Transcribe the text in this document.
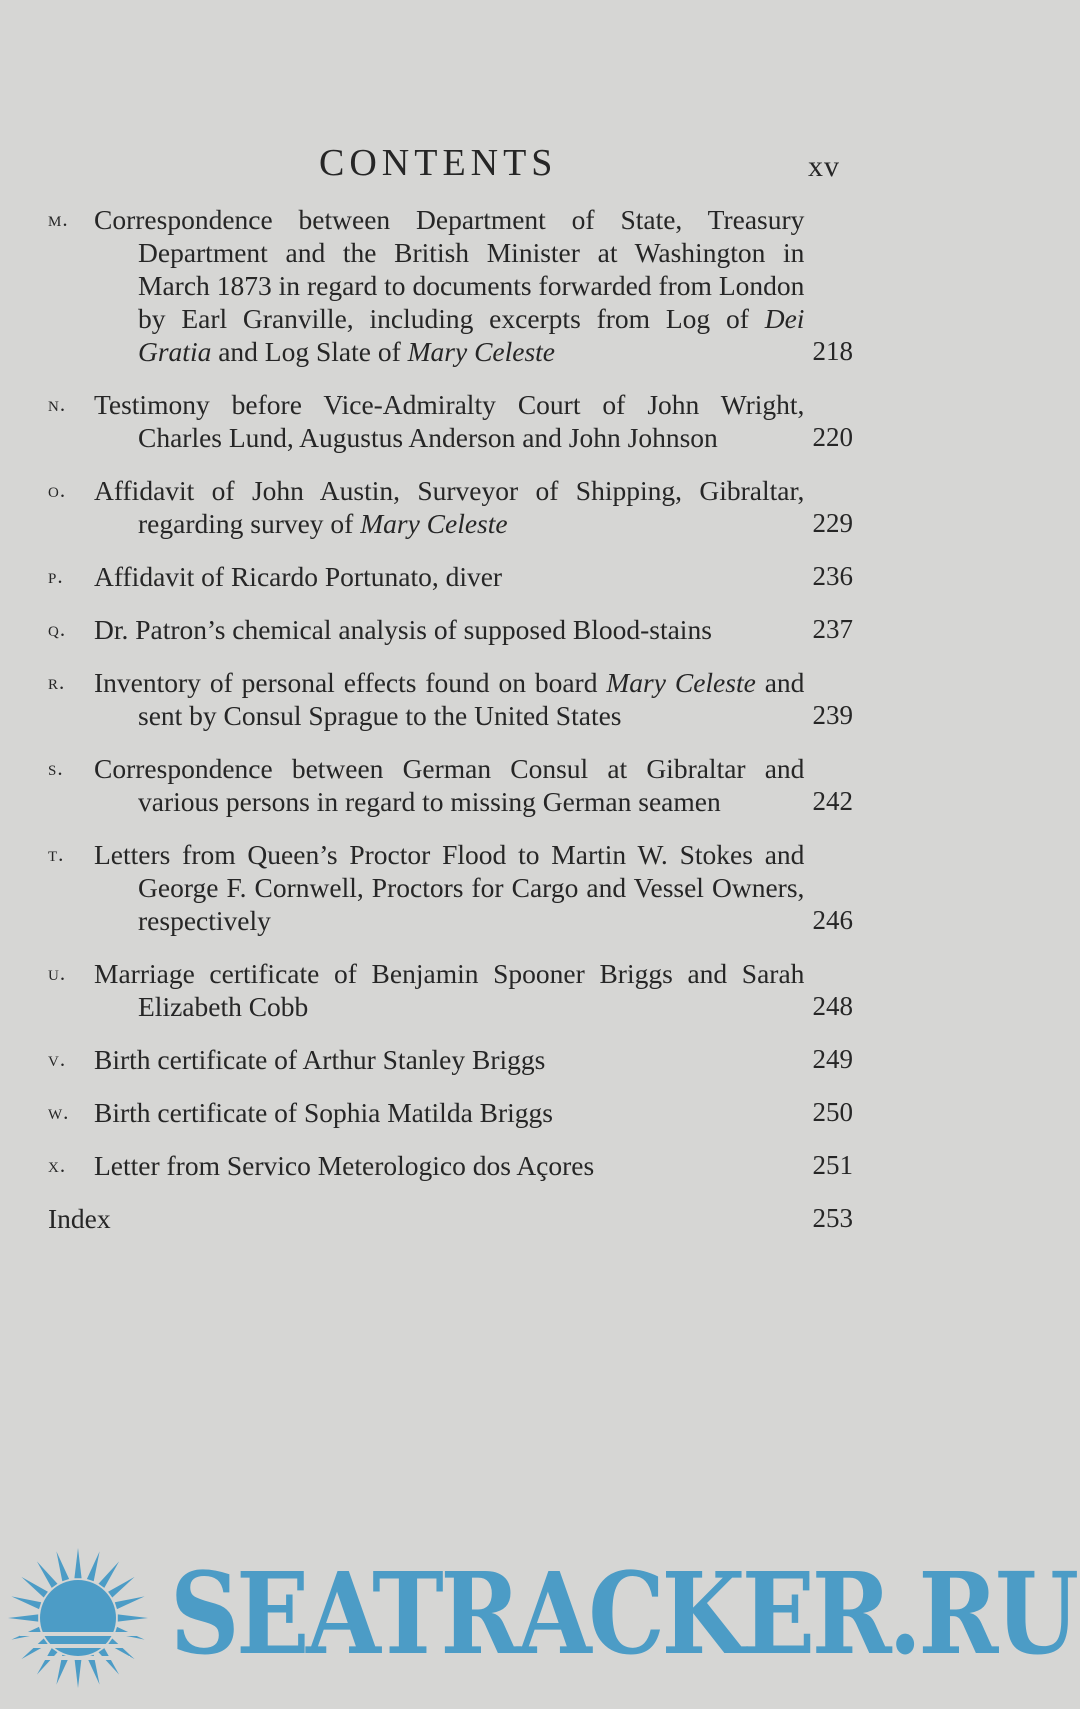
CONTENTS	xv
m. Correspondence between Department of State, Treasury Department and the British Minister at Washington in March 1873 in regard to documents forwarded from London by Earl Granville, including excerpts from Log of Dei Gratia and Log Slate of Mary Celeste	218
n.	Testimony before Vice-Admiralty Court of John Wright, Charles Lund, Augustus Anderson and John Johnson	220
o.	Affidavit of John Austin, Surveyor of Shipping, Gibraltar, regarding survey of Mary Celeste	229
p.	Affidavit of Ricardo Portunato, diver	236
q.	Dr. Patron’s chemical analysis of supposed Blood-stains	237
r.	Inventory of personal effects found on board Mary Celeste and sent by Consul Sprague to the United States	239
s.	Correspondence between German Consul at Gibraltar and various persons in regard to missing German seamen	242
t.	Letters from Queen’s Proctor Flood to Martin W. Stokes and George F. Cornwell, Proctors for Cargo and Vessel Owners, respectively	246
u.	Marriage certificate of Benjamin Spooner Briggs and Sarah Elizabeth Cobb	248
v.	Birth certificate of Arthur Stanley Briggs	249
w. Birth certificate of Sophia Matilda Briggs	250
x.	Letter from Servico Meterologico dos Açores	251
Index	253
SEATRACKER.RU
